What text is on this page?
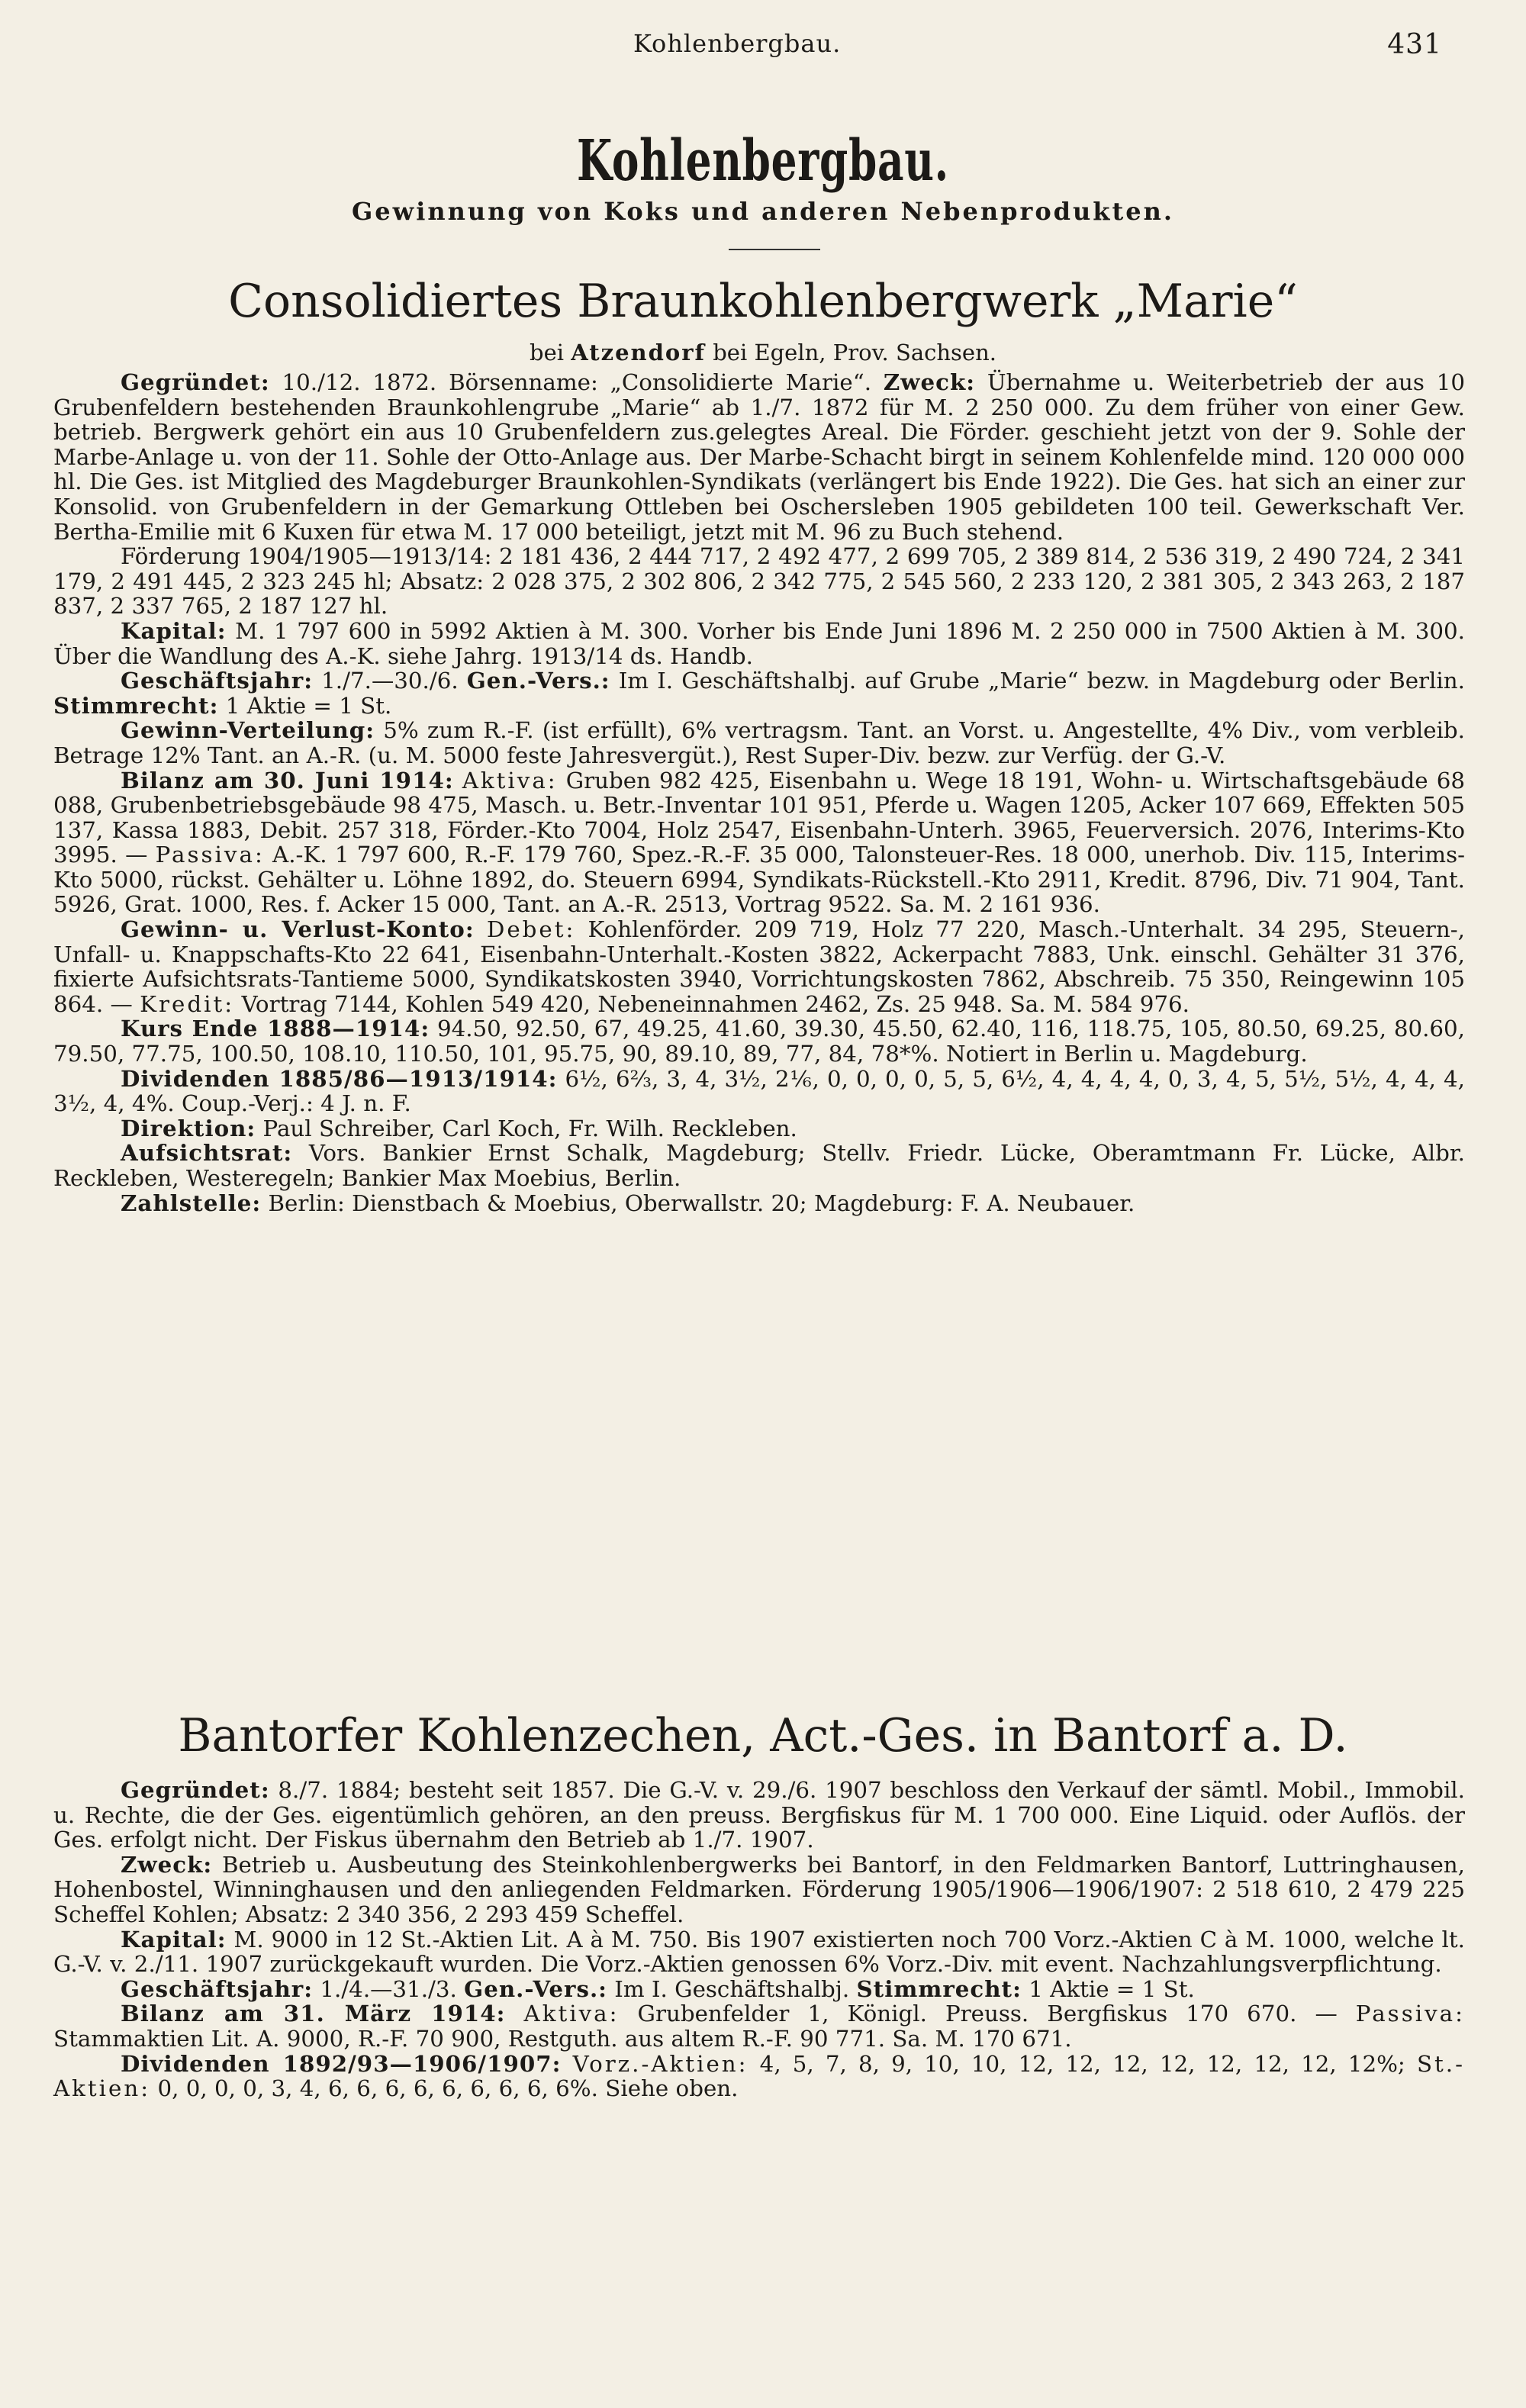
Kohlenbergbau.	431
Kohlenbergbau.
Gewinnung von Koks und anderen Nebenprodukten.
Consolidiertes Braunkohlenbergwerk „Marie“
bei Atzendorf bei Egeln, Prov. Sachsen.

Gegründet: 10./12. 1872. Börsenname: „Consolidierte Marie“. Zweck: Übernahme u. Weiterbetrieb der aus 10 Grubenfeldern bestehenden Braunkohlengrube „Marie“ ab 1./7. 1872 für M. 2 250 000. Zu dem früher von einer Gew. betrieb. Bergwerk gehört ein aus 10 Grubenfeldern zus.gelegtes Areal. Die Förder. geschieht jetzt von der 9. Sohle der Marbe-Anlage u. von der 11. Sohle der Otto-Anlage aus. Der Marbe-Schacht birgt in seinem Kohlenfelde mind. 120 000 000 hl. Die Ges. ist Mitglied des Magdeburger Braunkohlen-Syndikats (verlängert bis Ende 1922). Die Ges. hat sich an einer zur Konsolid. von Grubenfeldern in der Gemarkung Ottleben bei Oschersleben 1905 gebildeten 100 teil. Gewerkschaft Ver. Bertha-Emilie mit 6 Kuxen für etwa M. 17 000 beteiligt, jetzt mit M. 96 zu Buch stehend.

Förderung 1904/1905—1913/14: 2 181 436, 2 444 717, 2 492 477, 2 699 705, 2 389 814, 2 536 319, 2 490 724, 2 341 179, 2 491 445, 2 323 245 hl; Absatz: 2 028 375, 2 302 806, 2 342 775, 2 545 560, 2 233 120, 2 381 305, 2 343 263, 2 187 837, 2 337 765, 2 187 127 hl.

Kapital: M. 1 797 600 in 5992 Aktien à M. 300. Vorher bis Ende Juni 1896 M. 2 250 000 in 7500 Aktien à M. 300. Über die Wandlung des A.-K. siehe Jahrg. 1913/14 ds. Handb.

Geschäftsjahr: 1./7.—30./6. Gen.-Vers.: Im I. Geschäftshalbj. auf Grube „Marie“ bezw. in Magdeburg oder Berlin. Stimmrecht: 1 Aktie = 1 St.

Gewinn-Verteilung: 5% zum R.-F. (ist erfüllt), 6% vertragsm. Tant. an Vorst. u. Angestellte, 4% Div., vom verbleib. Betrage 12% Tant. an A.-R. (u. M. 5000 feste Jahresvergüt.), Rest Super-Div. bezw. zur Verfüg. der G.-V.

Bilanz am 30. Juni 1914: Aktiva: Gruben 982 425, Eisenbahn u. Wege 18 191, Wohn- u. Wirtschaftsgebäude 68 088, Grubenbetriebsgebäude 98 475, Masch. u. Betr.-Inventar 101 951, Pferde u. Wagen 1205, Acker 107 669, Effekten 505 137, Kassa 1883, Debit. 257 318, Förder.-Kto 7004, Holz 2547, Eisenbahn-Unterh. 3965, Feuerversich. 2076, Interims-Kto 3995. — Passiva: A.-K. 1 797 600, R.-F. 179 760, Spez.-R.-F. 35 000, Talonsteuer-Res. 18 000, unerhob. Div. 115, Interims-Kto 5000, rückst. Gehälter u. Löhne 1892, do. Steuern 6994, Syndikats-Rückstell.-Kto 2911, Kredit. 8796, Div. 71 904, Tant. 5926, Grat. 1000, Res. f. Acker 15 000, Tant. an A.-R. 2513, Vortrag 9522. Sa. M. 2 161 936.

Gewinn- u. Verlust-Konto: Debet: Kohlenförder. 209 719, Holz 77 220, Masch.-Unterhalt. 34 295, Steuern-, Unfall- u. Knappschafts-Kto 22 641, Eisenbahn-Unterhalt.-Kosten 3822, Ackerpacht 7883, Unk. einschl. Gehälter 31 376, fixierte Aufsichtsrats-Tantieme 5000, Syndikatskosten 3940, Vorrichtungskosten 7862, Abschreib. 75 350, Reingewinn 105 864. — Kredit: Vortrag 7144, Kohlen 549 420, Nebeneinnahmen 2462, Zs. 25 948. Sa. M. 584 976.

Kurs Ende 1888—1914: 94.50, 92.50, 67, 49.25, 41.60, 39.30, 45.50, 62.40, 116, 118.75, 105, 80.50, 69.25, 80.60, 79.50, 77.75, 100.50, 108.10, 110.50, 101, 95.75, 90, 89.10, 89, 77, 84, 78*%. Notiert in Berlin u. Magdeburg.

Dividenden 1885/86—1913/1914: 6½, 6⅔, 3, 4, 3½, 2⅙, 0, 0, 0, 0, 5, 5, 6½, 4, 4, 4, 4, 0, 3, 4, 5, 5½, 5½, 4, 4, 4, 3½, 4, 4%. Coup.-Verj.: 4 J. n. F.

Direktion: Paul Schreiber, Carl Koch, Fr. Wilh. Reckleben.

Aufsichtsrat: Vors. Bankier Ernst Schalk, Magdeburg; Stellv. Friedr. Lücke, Oberamtmann Fr. Lücke, Albr. Reckleben, Westeregeln; Bankier Max Moebius, Berlin.

Zahlstelle: Berlin: Dienstbach & Moebius, Oberwallstr. 20; Magdeburg: F. A. Neubauer.

Bantorfer Kohlenzechen, Act.-Ges. in Bantorf a. D.

Gegründet: 8./7. 1884; besteht seit 1857. Die G.-V. v. 29./6. 1907 beschloss den Verkauf der sämtl. Mobil., Immobil. u. Rechte, die der Ges. eigentümlich gehören, an den preuss. Bergfiskus für M. 1 700 000. Eine Liquid. oder Auflös. der Ges. erfolgt nicht. Der Fiskus übernahm den Betrieb ab 1./7. 1907.

Zweck: Betrieb u. Ausbeutung des Steinkohlenbergwerks bei Bantorf, in den Feldmarken Bantorf, Luttringhausen, Hohenbostel, Winninghausen und den anliegenden Feldmarken. Förderung 1905/1906—1906/1907: 2 518 610, 2 479 225 Scheffel Kohlen; Absatz: 2 340 356, 2 293 459 Scheffel.

Kapital: M. 9000 in 12 St.-Aktien Lit. A à M. 750. Bis 1907 existierten noch 700 Vorz.-Aktien C à M. 1000, welche lt. G.-V. v. 2./11. 1907 zurückgekauft wurden. Die Vorz.-Aktien genossen 6% Vorz.-Div. mit event. Nachzahlungsverpflichtung.

Geschäftsjahr: 1./4.—31./3. Gen.-Vers.: Im I. Geschäftshalbj. Stimmrecht: 1 Aktie = 1 St.

Bilanz am 31. März 1914: Aktiva: Grubenfelder 1, Königl. Preuss. Bergfiskus 170 670. — Passiva: Stammaktien Lit. A. 9000, R.-F. 70 900, Restguth. aus altem R.-F. 90 771. Sa. M. 170 671.

Dividenden 1892/93—1906/1907: Vorz.-Aktien: 4, 5, 7, 8, 9, 10, 10, 12, 12, 12, 12, 12, 12, 12, 12%; St.-Aktien: 0, 0, 0, 0, 3, 4, 6, 6, 6, 6, 6, 6, 6, 6, 6%. Siehe oben.
